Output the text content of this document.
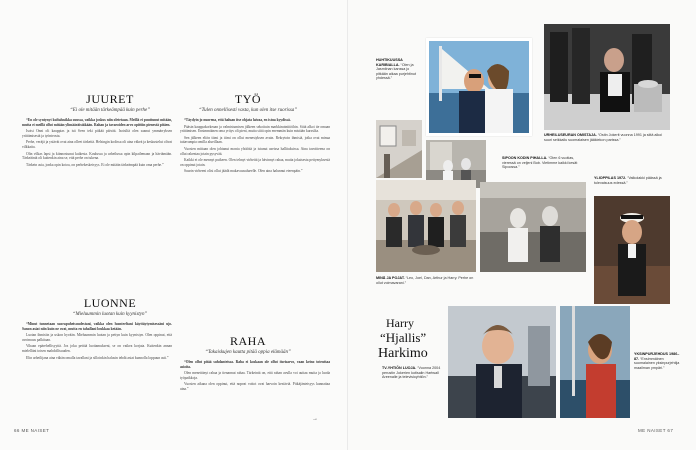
JUURET
“Ei ole mitään tärkeämpää kuin perhe”

“En ole syntynyt kultalusikka suussa, vaikka joskus niin oletetaan. Meillä ei puuttunut mitään, mutta ei meillä ollut mitään ylimääräistäkään. Rahan ja tavaroiden arvo opittiin pienestä pitäen.

Isoisi Onni oli kauppias ja isä Sven teki pitkää päivää. Isoisiltä olen saanut ymmärryksen yrittämisestä ja työnteosta.

Perhe, veräjä ja ystävät ovat aina olleet tärkeitä. Helsingin kodissa oli aina väkeä ja keskustelut olivat vilkkaita.

Olin vilkas lapsi ja kiinnostunut kaikesta. Koulussa ja urheilussa opin kilpailemaan ja häviämään. Tärkeäintä oli kuitenkin aina se, että perhe on tukena.

Tärkein asia, jonka opin kotoa, on perhekeskeisyys. Ei ole mitään tärkeämpää kuin oma perhe.”

LUONNE
“Mieluummin luotan kuin kyynistyn”

“Minut tunnetaan suorapuheisuudestani, vaikka olen luonteeltani käyttäytymisessäni ujo. Sanon asiat niin kuin ne ovat, mutta en tahallani loukkaa ketään.

Luotan ihmisiin ja uskon hyvään. Mieluummin luotan ja pettyn kuin kyynistyn. Olen oppinut, että avoimuus palkitaan.

Vihaan epärehellisyyttä. Jos joku pettää luottamukseni, se on vaikea korjata. Kuitenkin annan mielelläni toisen mahdollisuuden.

Elin urheilijana aina vähän omalla tavallani ja silloinkin halusin tehdä asiat kunnolla loppuun asti.”

TYÖ
“Tulen onnellisesti vasta, kun olen itse ruorissa”

“Täydyin jo nuorena, että haluan itse ohjata laivaa, en istua kyydissä.

Pääsin kauppakorkeaan ja valmistumisen jälkeen sekoituin markkinointitöihin. Siitä alkoi tie omaan yrittämisen. Ensimmäinen oma yritys oli pieni, mutta siitä opin enemmän kuin mistään kurssilta.

Sen jälkeen eliön tiimi ja tiimi on ollut menestyksen avain. Rekrytoin ihmisiä, jotka ovat minua taitavampia omilla alueillaan.

Vuosien mittaan olen johtanut monia yhtiöitä ja istunut useissa hallituksissa. Aina tavoitteena on ollut rakentaa jotain pysyvää.

Kaikki ei ole mennyt putkeen. Olen tehnyt virheitä ja hävinnyt rahaa, mutta jokaisesta pettymyksestä on oppinut jotain.

Suurin virheeni olisi ollut jäädä mukavuusalueelle. Olen aina halunnut eteenpäin.”

RAHA
“Takaiskujen kautta pitää oppia elämään”

“Olen ollut pitää suhdanteissa. Raha ei koskaan ole ollut itseisarvo, vaan keino toteuttaa asioita.

Olen menettänyt rahaa ja tienannut rahaa. Tärkeintä on, että rahan avulla voi auttaa muita ja luoda työpaikkoja.

Vuosien aikana olen oppinut, että nopeat voitot ovat harvoin kestäviä. Pitkäjänteisyys kannattaa aina.”

66 ME NAISET
HUHTIKUUSSA KARIBIALLA. “Olen ja Jasmiinan kanssa jo pitkään aikaa purjehtinut yhdessä.”
URHEILUSEURAN OMISTAJA. “Ostin Jokerit vuonna 1991 ja siitä alkoi suuri seikkailu suomalaisen jääkiekon parissa.”
SIPOON KODIN PIHALLA. “Olen 6 vuotias, vieressä on veljeni Bob. Vietimme kaikki kesät Sipoossa.”
YLIOPPILAS 1972. “Valkolakki päässä ja tulevaisuus edessä.”
MINÄ JA POJAT. “Leo, Joel, Dan, Arthur ja Harry. Perhe on ollut voimavarani.”
Harry
“Hjallis”
Harkimo
TV-YHTIÖN LUOJA. “Vuonna 2004 perustin Jokerien kotisalin Hartwall Areenalle ja televisioyhtiön.”
YKSINPURJEHDUS 1986–87. “Ensimmäinen suomalainen yksinpurjehtija maailman ympäri.”
→
ME NAISET 67
